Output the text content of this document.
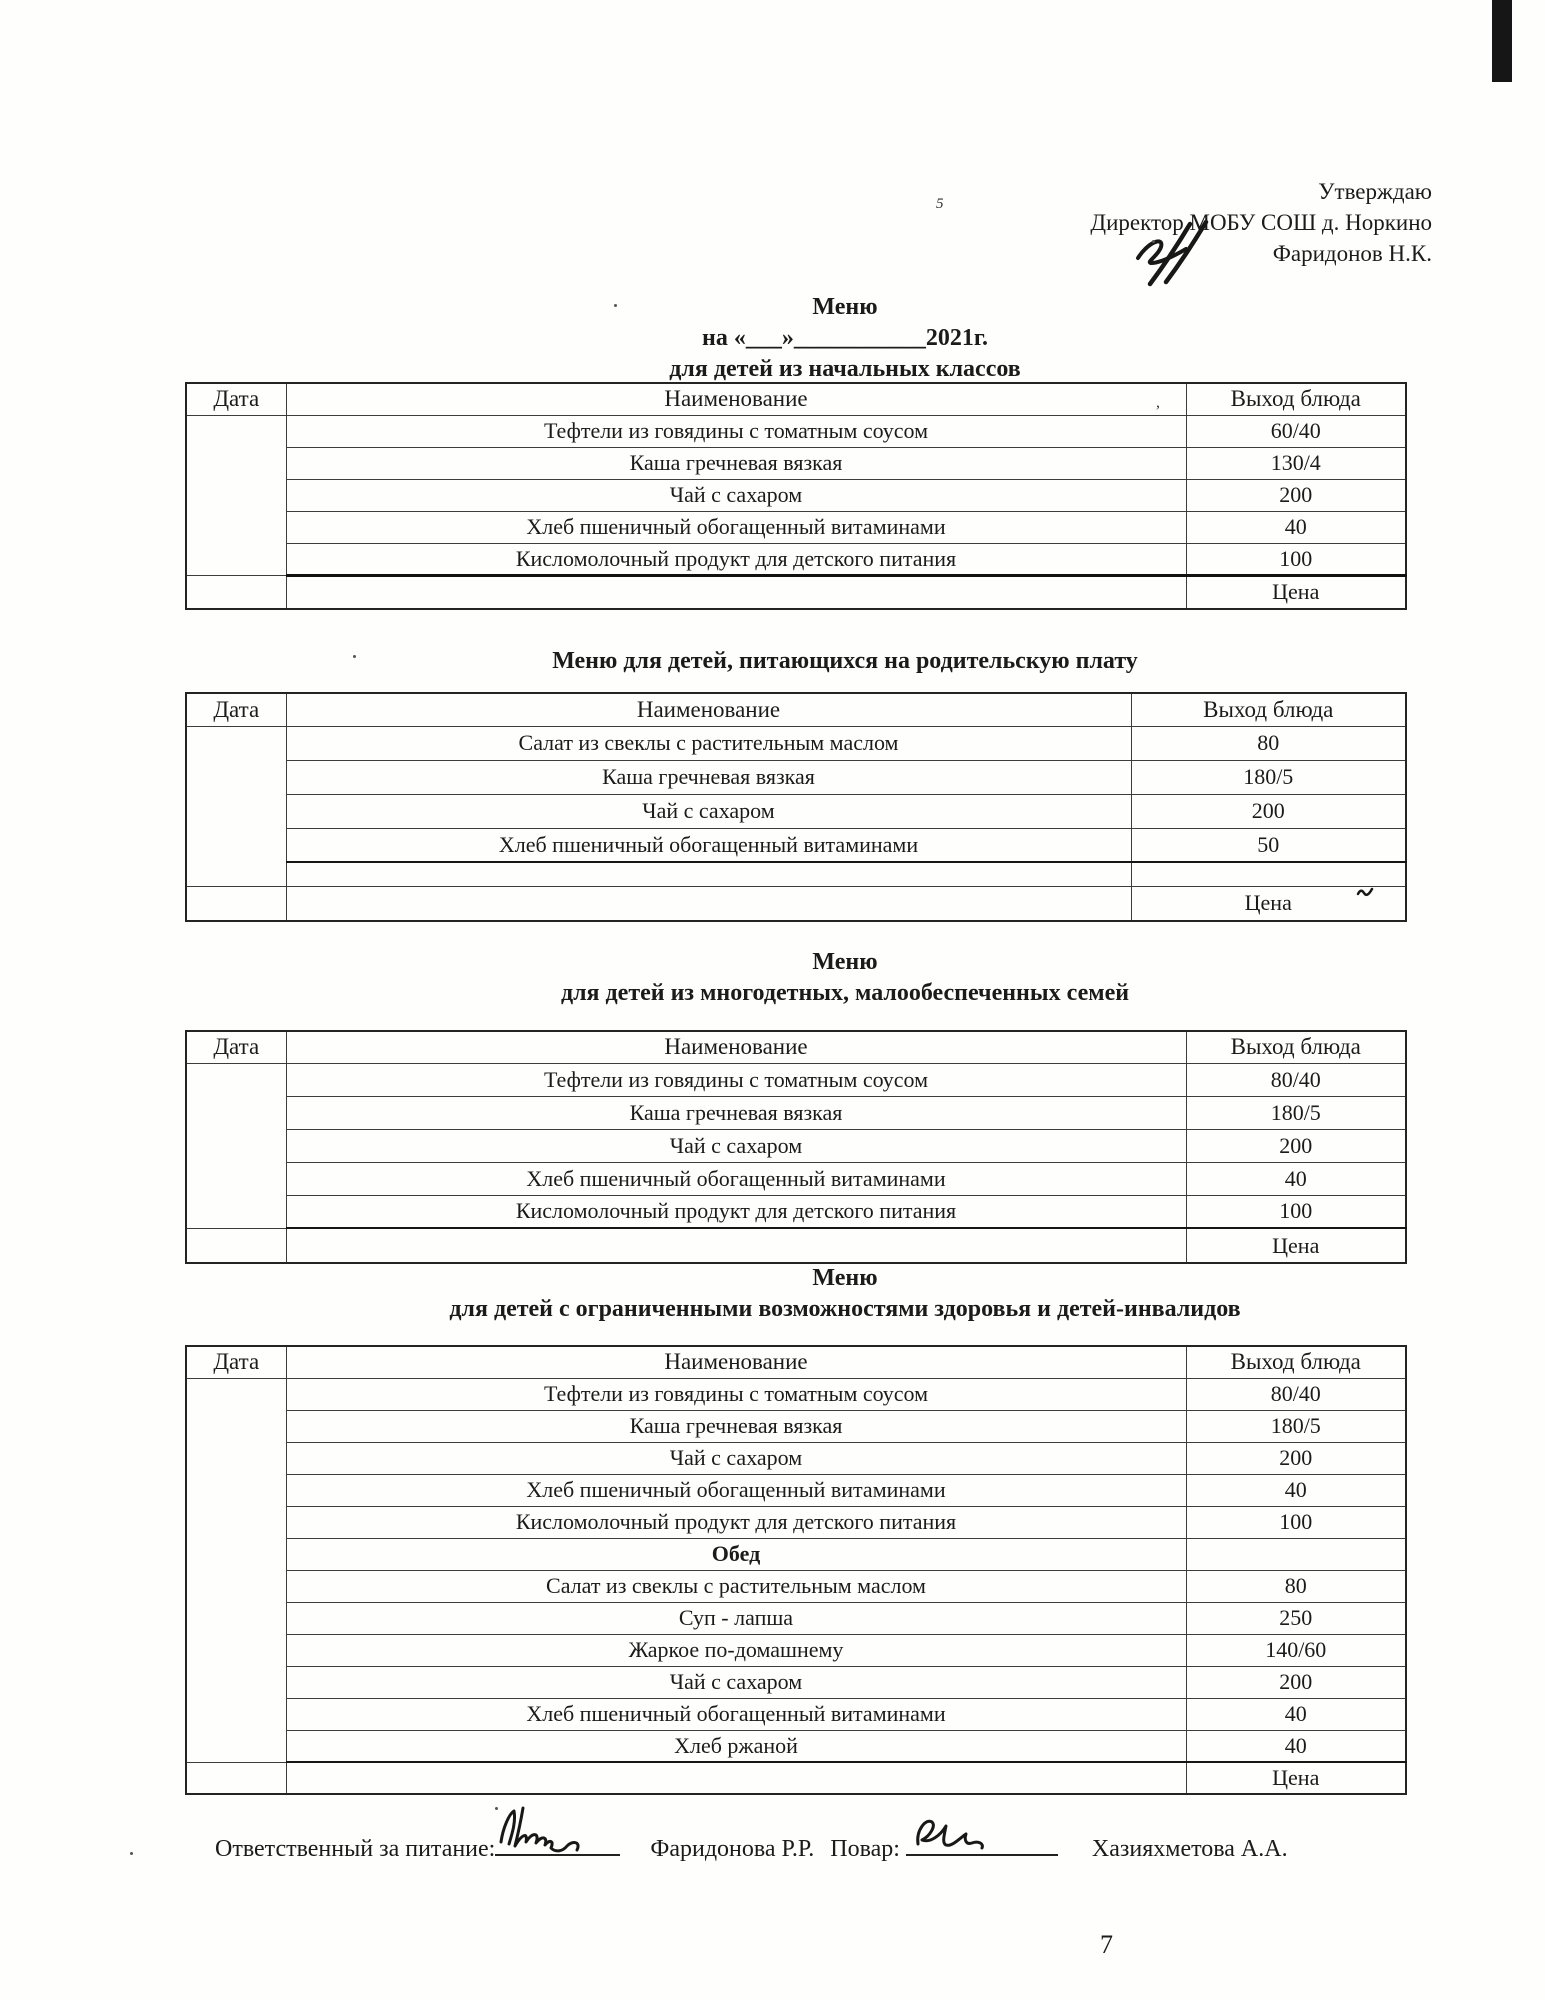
Утверждаю
Директор МОБУ СОШ д. Норкино
Фаридонов Н.К.
Меню
на «___»___________2021г.
для детей из начальных классов
Дата	Наименование	Выход блюда
	Тефтели из говядины с томатным соусом	60/40
	Каша гречневая вязкая	130/4
	Чай с сахаром	200
	Хлеб пшеничный обогащенный витаминами	40
	Кисломолочный продукт для детского питания	100
		Цена
Меню для детей, питающихся на родительскую плату
Дата	Наименование	Выход блюда
	Салат из свеклы с растительным маслом	80
	Каша гречневая вязкая	180/5
	Чай с сахаром	200
	Хлеб пшеничный обогащенный витаминами	50

		Цена
Меню
для детей из многодетных, малообеспеченных семей
Дата	Наименование	Выход блюда
	Тефтели из говядины с томатным соусом	80/40
	Каша гречневая вязкая	180/5
	Чай с сахаром	200
	Хлеб пшеничный обогащенный витаминами	40
	Кисломолочный продукт для детского питания	100
		Цена
Меню
для детей с ограниченными возможностями здоровья и детей-инвалидов
Дата	Наименование	Выход блюда
	Тефтели из говядины с томатным соусом	80/40
	Каша гречневая вязкая	180/5
	Чай с сахаром	200
	Хлеб пшеничный обогащенный витаминами	40
	Кисломолочный продукт для детского питания	100
	Обед	
	Салат из свеклы с растительным маслом	80
	Суп - лапша	250
	Жаркое по-домашнему	140/60
	Чай с сахаром	200
	Хлеб пшеничный обогащенный витаминами	40
	Хлеб ржаной	40
		Цена
Ответственный за питание:	Фаридонова Р.Р. Повар:	Хазияхметова А.А.
7
5
,
